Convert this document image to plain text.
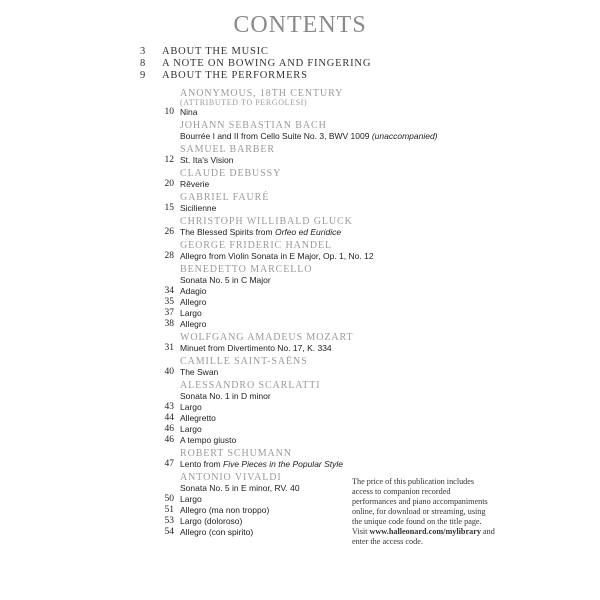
CONTENTS
3 ABOUT THE MUSIC
8 A NOTE ON BOWING AND FINGERING
9 ABOUT THE PERFORMERS
ANONYMOUS, 18TH CENTURY
(ATTRIBUTED TO PERGOLESI)
10 Nina
JOHANN SEBASTIAN BACH
Bourrée I and II from Cello Suite No. 3, BWV 1009 (unaccompanied)
SAMUEL BARBER
12 St. Ita's Vision
CLAUDE DEBUSSY
20 Rêverie
GABRIEL FAURÉ
15 Sicilienne
CHRISTOPH WILLIBALD GLUCK
26 The Blessed Spirits from Orfeo ed Euridice
GEORGE FRIDERIC HANDEL
28 Allegro from Violin Sonata in E Major, Op. 1, No. 12
BENEDETTO MARCELLO
Sonata No. 5 in C Major
34 Adagio
35 Allegro
37 Largo
38 Allegro
WOLFGANG AMADEUS MOZART
31 Minuet from Divertimento No. 17, K. 334
CAMILLE SAINT-SAËNS
40 The Swan
ALESSANDRO SCARLATTI
Sonata No. 1 in D minor
43 Largo
44 Allegretto
46 Largo
46 A tempo giusto
ROBERT SCHUMANN
47 Lento from Five Pieces in the Popular Style
ANTONIO VIVALDI
Sonata No. 5 in E minor, RV. 40
50 Largo
51 Allegro (ma non troppo)
53 Largo (doloroso)
54 Allegro (con spirito)
The price of this publication includes
access to companion recorded
performances and piano accompaniments
online, for download or streaming, using
the unique code found on the title page.
Visit www.halleonard.com/mylibrary and
enter the access code.
